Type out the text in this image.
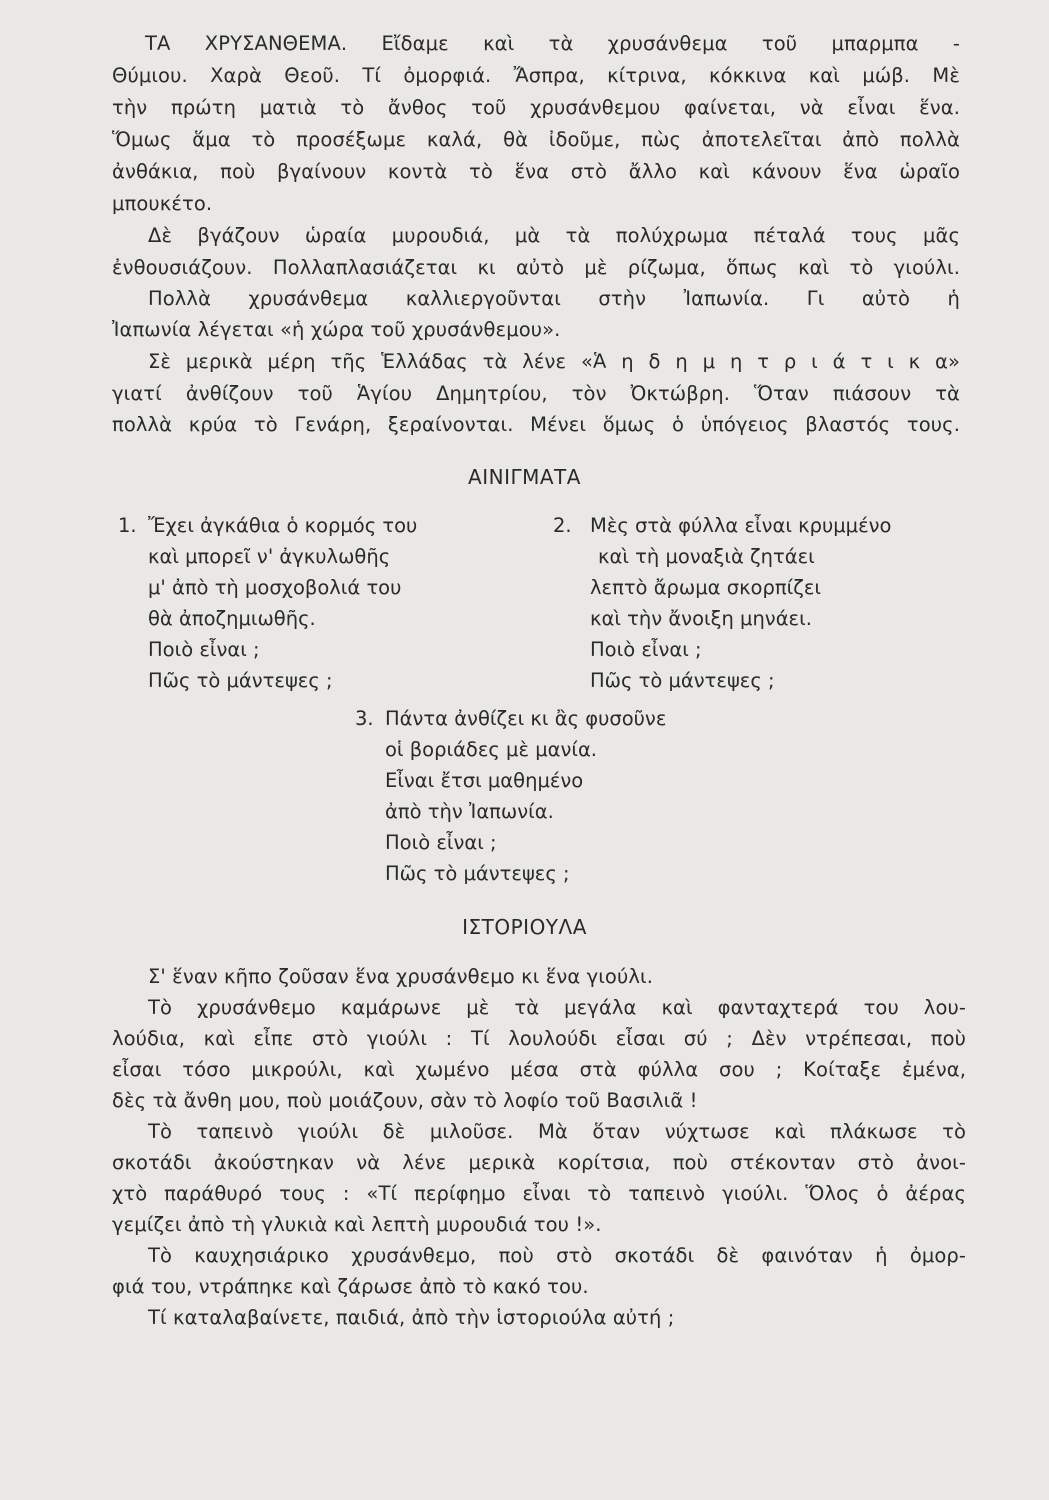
ΤΑ ΧΡΥΣΑΝΘΕΜΑ. Εἴδαμε καὶ τὰ χρυσάνθεμα τοῦ μπαρμπα -
Θύμιου. Χαρὰ Θεοῦ. Τί ὀμορφιά. Ἄσπρα, κίτρινα, κόκκινα καὶ μώβ. Μὲ
τὴν πρώτη ματιὰ τὸ ἄνθος τοῦ χρυσάνθεμου φαίνεται, νὰ εἶναι ἕνα.
Ὅμως ἅμα τὸ προσέξωμε καλά, θὰ ἰδοῦμε, πὼς ἀποτελεῖται ἀπὸ πολλὰ
ἀνθάκια, ποὺ βγαίνουν κοντὰ τὸ ἕνα στὸ ἄλλο καὶ κάνουν ἕνα ὡραῖο
μπουκέτο.
Δὲ βγάζουν ὡραία μυρουδιά, μὰ τὰ πολύχρωμα πέταλά τους μᾶς
ἐνθουσιάζουν. Πολλαπλασιάζεται κι αὐτὸ μὲ ρίζωμα, ὅπως καὶ τὸ γιούλι.
Πολλὰ χρυσάνθεμα καλλιεργοῦνται στὴν Ἰαπωνία. Γι αὐτὸ ἡ
Ἰαπωνία λέγεται «ἡ χώρα τοῦ χρυσάνθεμου».
Σὲ μερικὰ μέρη τῆς Ἑλλάδας τὰ λένε «Ἁ η δ η μ η τ ρ ι ά τ ι κ α»
γιατί ἀνθίζουν τοῦ Ἁγίου Δημητρίου, τὸν Ὀκτώβρη. Ὅταν πιάσουν τὰ
πολλὰ κρύα τὸ Γενάρη, ξεραίνονται. Μένει ὅμως ὁ ὑπόγειος βλαστός τους.
ΑΙΝΙΓΜΑΤΑ
1. Ἔχει ἀγκάθια ὁ κορμός του
καὶ μπορεῖ ν' ἀγκυλωθῆς
μ' ἀπὸ τὴ μοσχοβολιά του
θὰ ἀποζημιωθῆς.
Ποιὸ εἶναι ;
Πῶς τὸ μάντεψες ;
2. Μὲς στὰ φύλλα εἶναι κρυμμένο
καὶ τὴ μοναξιὰ ζητάει
λεπτὸ ἄρωμα σκορπίζει
καὶ τὴν ἄνοιξη μηνάει.
Ποιὸ εἶναι ;
Πῶς τὸ μάντεψες ;
3. Πάντα ἀνθίζει κι ἂς φυσοῦνε
οἱ βοριάδες μὲ μανία.
Εἶναι ἔτσι μαθημένο
ἀπὸ τὴν Ἰαπωνία.
Ποιὸ εἶναι ;
Πῶς τὸ μάντεψες ;
ΙΣΤΟΡΙΟΥΛΑ
Σ' ἕναν κῆπο ζοῦσαν ἕνα χρυσάνθεμο κι ἕνα γιούλι.
Τὸ χρυσάνθεμο καμάρωνε μὲ τὰ μεγάλα καὶ φανταχτερά του λου-
λούδια, καὶ εἶπε στὸ γιούλι : Τί λουλούδι εἶσαι σύ ; Δὲν ντρέπεσαι, ποὺ
εἶσαι τόσο μικρούλι, καὶ χωμένο μέσα στὰ φύλλα σου ; Κοίταξε ἐμένα,
δὲς τὰ ἄνθη μου, ποὺ μοιάζουν, σὰν τὸ λοφίο τοῦ Βασιλιᾶ !
Τὸ ταπεινὸ γιούλι δὲ μιλοῦσε. Μὰ ὅταν νύχτωσε καὶ πλάκωσε τὸ
σκοτάδι ἀκούστηκαν νὰ λένε μερικὰ κορίτσια, ποὺ στέκονταν στὸ ἀνοι-
χτὸ παράθυρό τους : «Τί περίφημο εἶναι τὸ ταπεινὸ γιούλι. Ὅλος ὁ ἀέρας
γεμίζει ἀπὸ τὴ γλυκιὰ καὶ λεπτὴ μυρουδιά του !».
Τὸ καυχησιάρικο χρυσάνθεμο, ποὺ στὸ σκοτάδι δὲ φαινόταν ἡ ὀμορ-
φιά του, ντράπηκε καὶ ζάρωσε ἀπὸ τὸ κακό του.
Τί καταλαβαίνετε, παιδιά, ἀπὸ τὴν ἱστοριούλα αὐτή ;
